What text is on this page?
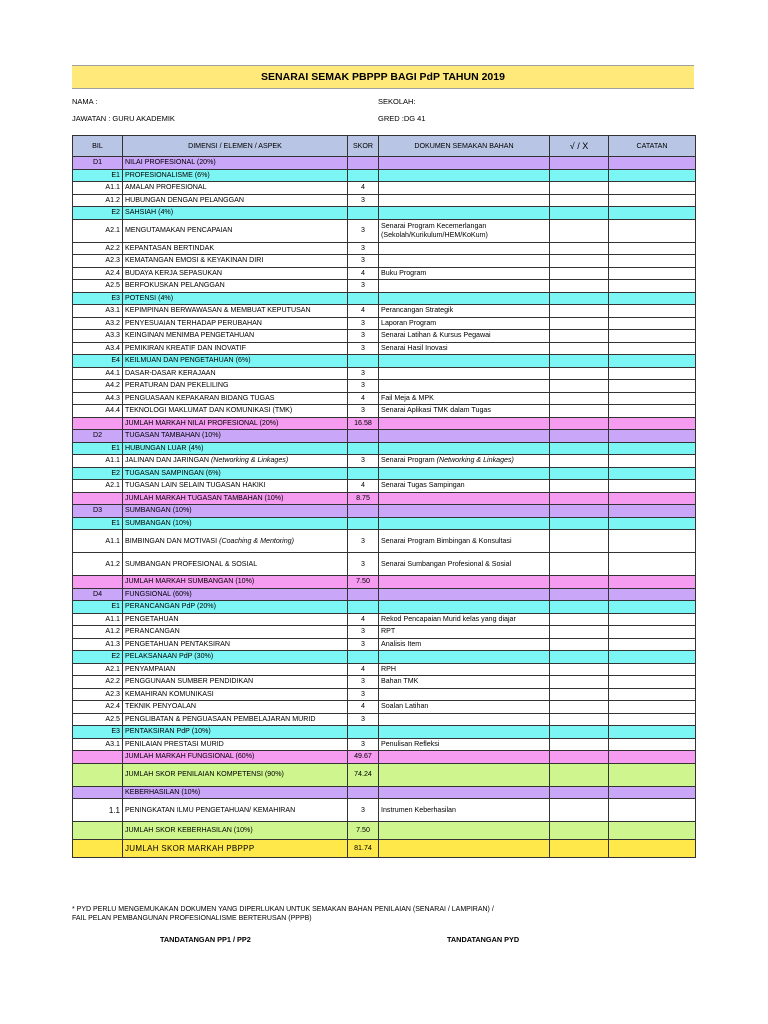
SENARAI SEMAK PBPPP BAGI PdP TAHUN 2019
NAMA :	SEKOLAH:
JAWATAN : GURU AKADEMIK	GRED :DG 41
BIL	DIMENSI / ELEMEN / ASPEK	SKOR	DOKUMEN SEMAKAN BAHAN	√ / X	CATATAN
D1	NILAI PROFESIONAL (20%)				
E1	PROFESIONALISME (6%)				
A1.1	AMALAN PROFESIONAL	4			
A1.2	HUBUNGAN DENGAN PELANGGAN	3			
E2	SAHSIAH (4%)				
A2.1	MENGUTAMAKAN PENCAPAIAN	3	Senarai Program Kecemerlangan
(Sekolah/Kurikulum/HEM/KoKum)		

A2.2	KEPANTASAN BERTINDAK	3			
A2.3	KEMATANGAN EMOSI & KEYAKINAN DIRI	3			
A2.4	BUDAYA KERJA SEPASUKAN	4	Buku Program		
A2.5	BERFOKUSKAN PELANGGAN	3			
E3	POTENSI (4%)				
A3.1	KEPIMPINAN BERWAWASAN & MEMBUAT KEPUTUSAN	4	Perancangan Strategik		
A3.2	PENYESUAIAN TERHADAP PERUBAHAN	3	Laporan Program		
A3.3	KEINGINAN MENIMBA PENGETAHUAN	3	Senarai Latihan & Kursus Pegawai		
A3.4	PEMIKIRAN KREATIF DAN INOVATIF	3	Senarai Hasil Inovasi		
E4	KEILMUAN DAN PENGETAHUAN (6%)				
A4.1	DASAR-DASAR KERAJAAN	3			
A4.2	PERATURAN DAN PEKELILING	3			
A4.3	PENGUASAAN KEPAKARAN BIDANG TUGAS	4	Fail Meja & MPK		
A4.4	TEKNOLOGI MAKLUMAT DAN KOMUNIKASI (TMK)	3	Senarai Aplikasi TMK dalam Tugas		
	JUMLAH MARKAH NILAI PROFESIONAL (20%)	16.58			
D2	TUGASAN TAMBAHAN (10%)				
E1	HUBUNGAN LUAR (4%)				
A1.1	JALINAN DAN JARINGAN (Networking & Linkages)	3	Senarai Program (Networking & Linkages)		
E2	TUGASAN SAMPINGAN (6%)				
A2.1	TUGASAN LAIN SELAIN TUGASAN HAKIKI	4	Senarai Tugas Sampingan		
	JUMLAH MARKAH TUGASAN TAMBAHAN (10%)	8.75			
D3	SUMBANGAN (10%)				
E1	SUMBANGAN (10%)				
A1.1	BIMBINGAN DAN MOTIVASI (Coaching & Mentoring)	3	Senarai Program Bimbingan & Konsultasi		
A1.2	SUMBANGAN PROFESIONAL & SOSIAL	3	Senarai Sumbangan Profesional & Sosial		
	JUMLAH MARKAH SUMBANGAN (10%)	7.50			
D4	FUNGSIONAL (60%)				
E1	PERANCANGAN PdP (20%)				
A1.1	PENGETAHUAN	4	Rekod Pencapaian Murid kelas yang diajar		
A1.2	PERANCANGAN	3	RPT		
A1.3	PENGETAHUAN PENTAKSIRAN	3	Analisis Item		
E2	PELAKSANAAN PdP (30%)				
A2.1	PENYAMPAIAN	4	RPH		
A2.2	PENGGUNAAN SUMBER PENDIDIKAN	3	Bahan TMK		
A2.3	KEMAHIRAN KOMUNIKASI	3			
A2.4	TEKNIK PENYOALAN	4	Soalan Latihan		
A2.5	PENGLIBATAN & PENGUASAAN PEMBELAJARAN MURID	3			
E3	PENTAKSIRAN PdP (10%)				
A3.1	PENILAIAN PRESTASI MURID	3	Penulisan Refleksi		
	JUMLAH MARKAH FUNGSIONAL (60%)	49.67			
	JUMLAH SKOR PENILAIAN KOMPETENSI (90%)	74.24			
	KEBERHASILAN (10%)				
1.1	PENINGKATAN ILMU PENGETAHUAN/ KEMAHIRAN	3	Instrumen Keberhasilan		
	JUMLAH SKOR KEBERHASILAN (10%)	7.50			
	JUMLAH SKOR MARKAH PBPPP	81.74			
* PYD PERLU MENGEMUKAKAN DOKUMEN YANG DIPERLUKAN UNTUK SEMAKAN BAHAN PENILAIAN (SENARAI / LAMPIRAN) /
FAIL PELAN PEMBANGUNAN PROFESIONALISME BERTERUSAN (PPPB)
TANDATANGAN PP1 / PP2	TANDATANGAN PYD
